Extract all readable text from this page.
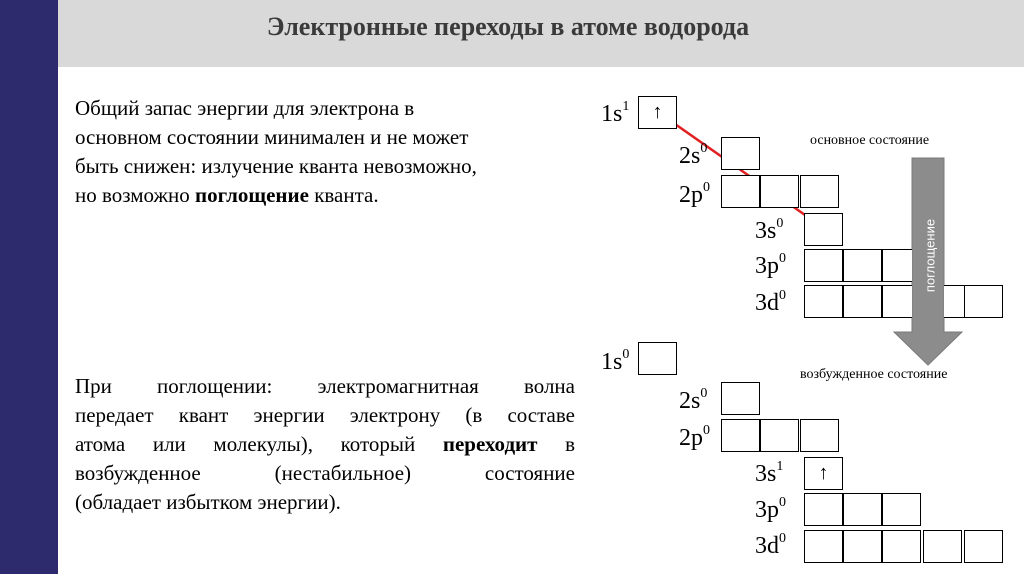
Электронные переходы в атоме водорода
Общий запас энергии для электрона в
основном состоянии минимален и не может
быть снижен: излучение кванта невозможно,
но возможно поглощение кванта.
При поглощении: электромагнитная волна
передает квант энергии электрону (в составе
атома или молекулы), который переходит в
возбужденное (нестабильное) состояние
(обладает избытком энергии).
поглощение
основное состояние
возбужденное состояние
$1s^1$	↑
$2s^0$
$2p^0$
$3s^0$
$3p^0$
$3d^0$
$1s^0$
$2s^0$
$2p^0$
$3s^1$	↑
$3p^0$
$3d^0$
